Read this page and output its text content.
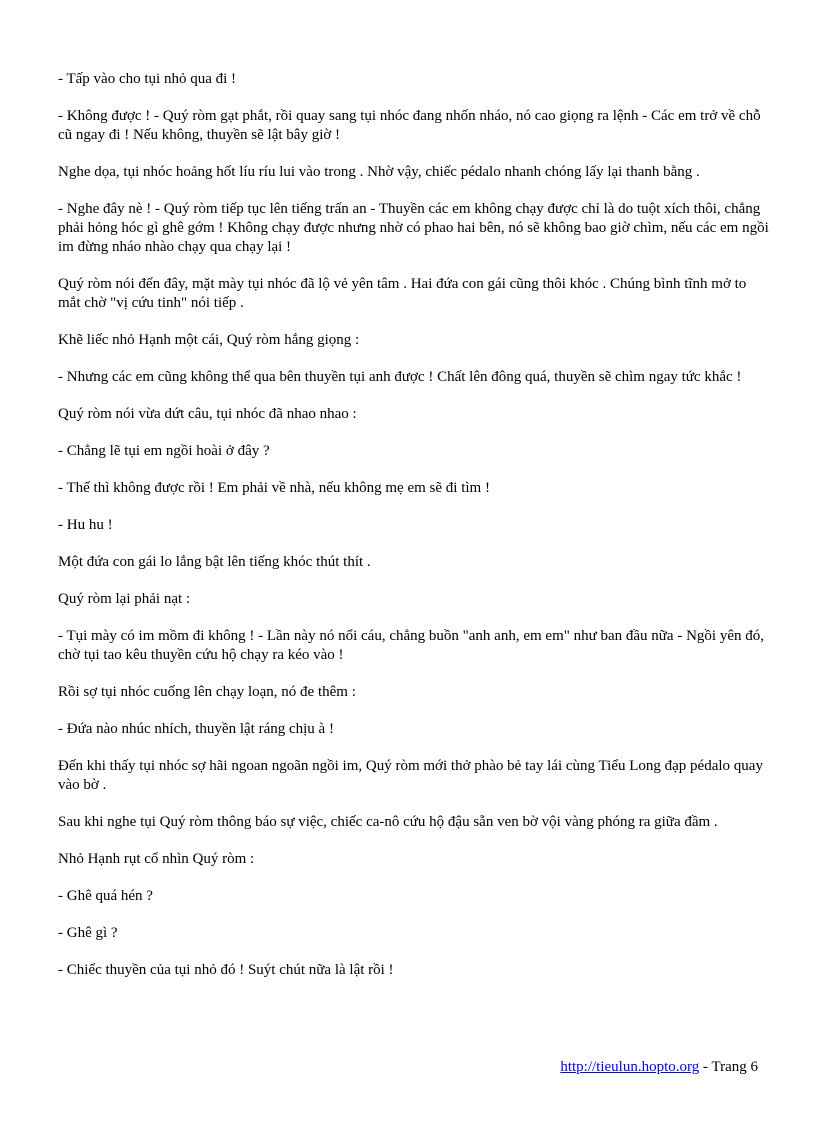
- Tấp vào cho tụi nhỏ qua đi !

- Không được ! - Quý ròm gạt phắt, rồi quay sang tụi nhóc đang nhốn nháo, nó cao giọng ra lệnh - Các em trở về chỗ cũ ngay đi ! Nếu không, thuyền sẽ lật bây giờ !

Nghe dọa, tụi nhóc hoảng hốt líu ríu lui vào trong . Nhờ vậy, chiếc pédalo nhanh chóng lấy lại thanh bằng .

- Nghe đây nè ! - Quý ròm tiếp tục lên tiếng trấn an - Thuyền các em không chạy được chỉ là do tuột xích thôi, chẳng phải hỏng hóc gì ghê gớm ! Không chạy được nhưng nhờ có phao hai bên, nó sẽ không bao giờ chìm, nếu các em ngồi im đừng nháo nhào chạy qua chạy lại !

Quý ròm nói đến đây, mặt mày tụi nhóc đã lộ vẻ yên tâm . Hai đứa con gái cũng thôi khóc . Chúng bình tĩnh mở to mắt chờ "vị cứu tinh" nói tiếp .

Khẽ liếc nhỏ Hạnh một cái, Quý ròm hắng giọng :

- Nhưng các em cũng không thể qua bên thuyền tụi anh được ! Chất lên đông quá, thuyền sẽ chìm ngay tức khắc !

Quý ròm nói vừa dứt câu, tụi nhóc đã nhao nhao :

- Chẳng lẽ tụi em ngồi hoài ở đây ?

- Thế thì không được rồi ! Em phải về nhà, nếu không mẹ em sẽ đi tìm !

- Hu hu !

Một đứa con gái lo lắng bật lên tiếng khóc thút thít .

Quý ròm lại phải nạt :

- Tụi mày có im mồm đi không ! - Lần này nó nổi cáu, chẳng buồn "anh anh, em em" như ban đầu nữa - Ngồi yên đó, chờ tụi tao kêu thuyền cứu hộ chạy ra kéo vào !

Rồi sợ tụi nhóc cuống lên chạy loạn, nó đe thêm :

- Đứa nào nhúc nhích, thuyền lật ráng chịu à !

Đến khi thấy tụi nhóc sợ hãi ngoan ngoãn ngồi im, Quý ròm mới thở phào bẻ tay lái cùng Tiểu Long đạp pédalo quay vào bờ .

Sau khi nghe tụi Quý ròm thông báo sự việc, chiếc ca-nô cứu hộ đậu sẵn ven bờ vội vàng phóng ra giữa đầm .

Nhỏ Hạnh rụt cổ nhìn Quý ròm :

- Ghê quá hén ?

- Ghê gì ?

- Chiếc thuyền của tụi nhỏ đó ! Suýt chút nữa là lật rồi !

http://tieulun.hopto.org - Trang 6
